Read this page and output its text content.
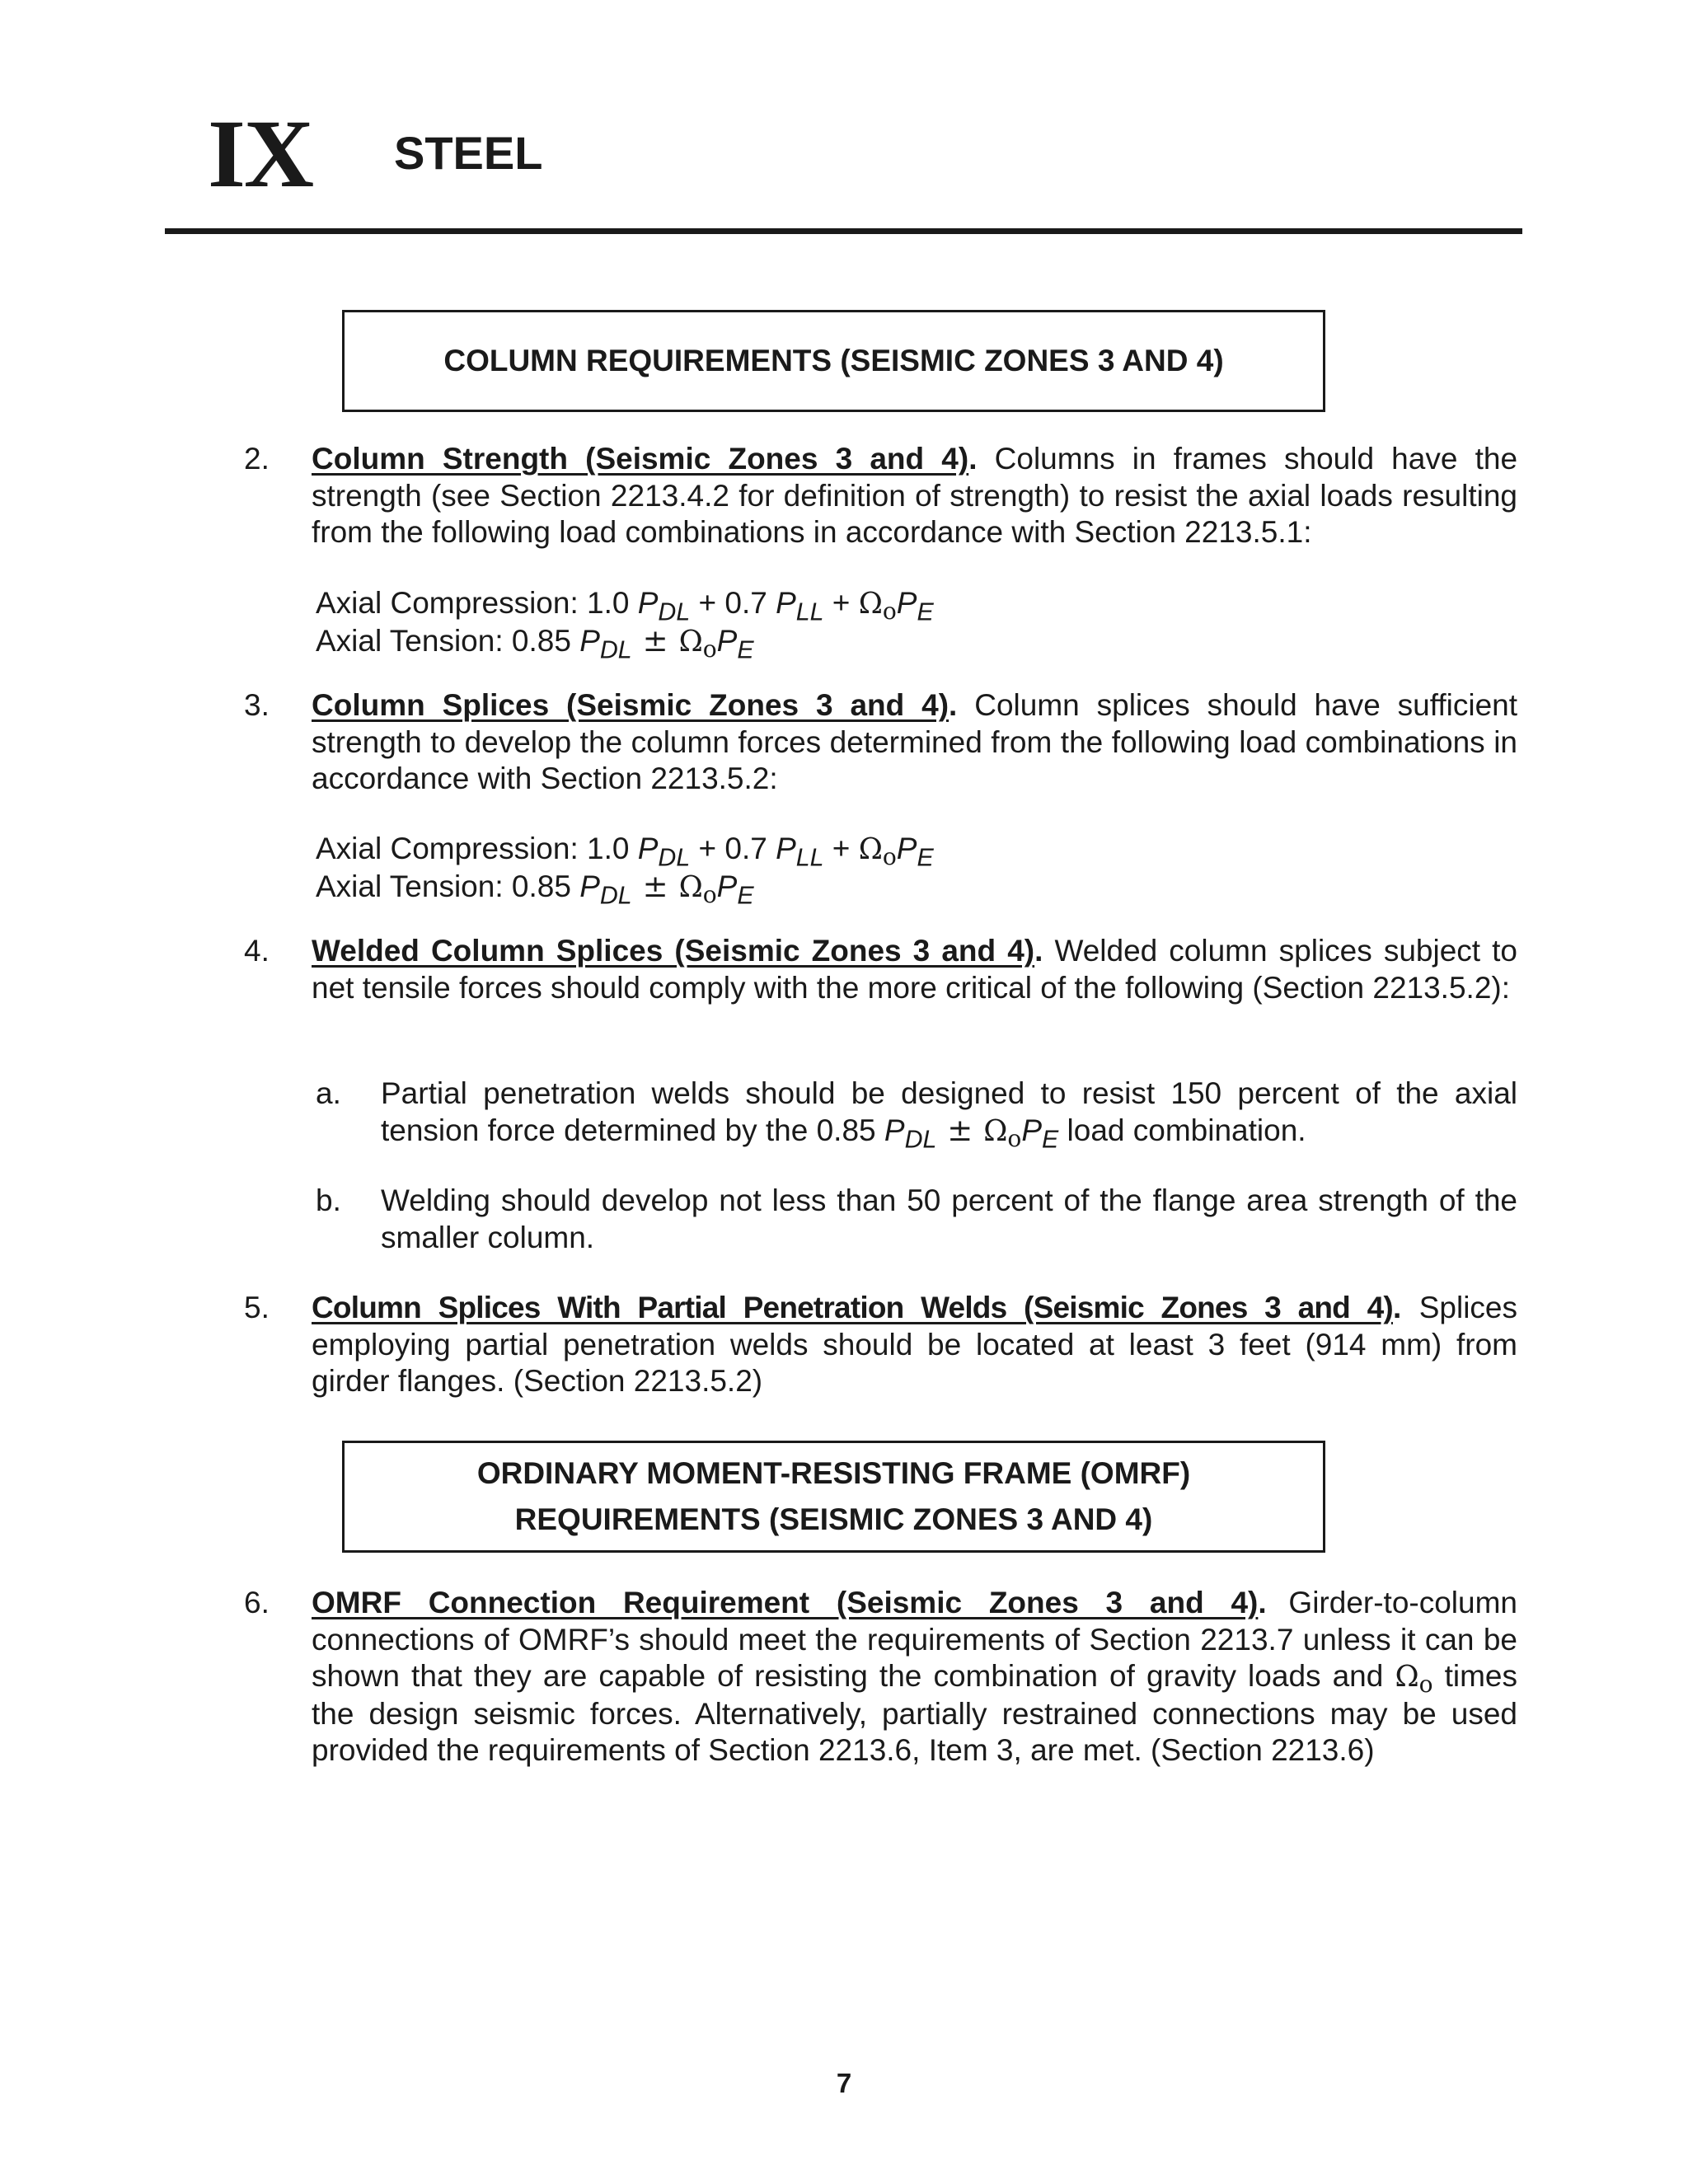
IX STEEL
COLUMN REQUIREMENTS (SEISMIC ZONES 3 AND 4)
2. Column Strength (Seismic Zones 3 and 4). Columns in frames should have the strength (see Section 2213.4.2 for definition of strength) to resist the axial loads resulting from the following load combinations in accordance with Section 2213.5.1:
Axial Compression: 1.0 $P_{DL} + 0.7$ $P_{LL} + \Omega_oP_E$
Axial Tension: 0.85 $P_{DL} \pm \Omega_oP_E$
3. Column Splices (Seismic Zones 3 and 4). Column splices should have sufficient strength to develop the column forces determined from the following load combinations in accordance with Section 2213.5.2:
Axial Compression: 1.0 $P_{DL} + 0.7$ $P_{LL} + \Omega_oP_E$
Axial Tension: 0.85 $P_{DL} \pm \Omega_oP_E$
4. Welded Column Splices (Seismic Zones 3 and 4). Welded column splices subject to net tensile forces should comply with the more critical of the following (Section 2213.5.2):
a. Partial penetration welds should be designed to resist 150 percent of the axial tension force determined by the 0.85 $P_{DL} \pm \Omega_oP_E$ load combination.
b. Welding should develop not less than 50 percent of the flange area strength of the smaller column.
5. Column Splices With Partial Penetration Welds (Seismic Zones 3 and 4). Splices employing partial penetration welds should be located at least 3 feet (914 mm) from girder flanges. (Section 2213.5.2)
ORDINARY MOMENT-RESISTING FRAME (OMRF)
REQUIREMENTS (SEISMIC ZONES 3 AND 4)
6. OMRF Connection Requirement (Seismic Zones 3 and 4). Girder-to-column connections of OMRF’s should meet the requirements of Section 2213.7 unless it can be shown that they are capable of resisting the combination of gravity loads and $\Omega_o$ times the design seismic forces. Alternatively, partially restrained connections may be used provided the requirements of Section 2213.6, Item 3, are met. (Section 2213.6)
7
